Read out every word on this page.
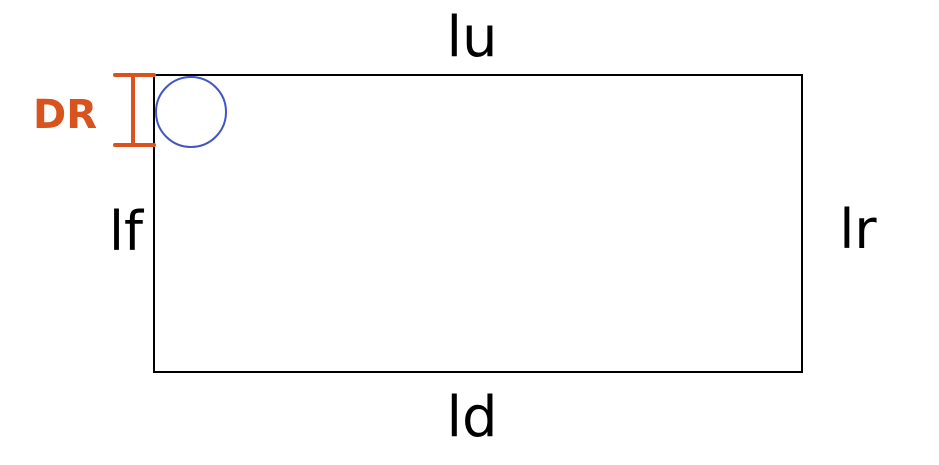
lu
ld
lf	lr
DR
